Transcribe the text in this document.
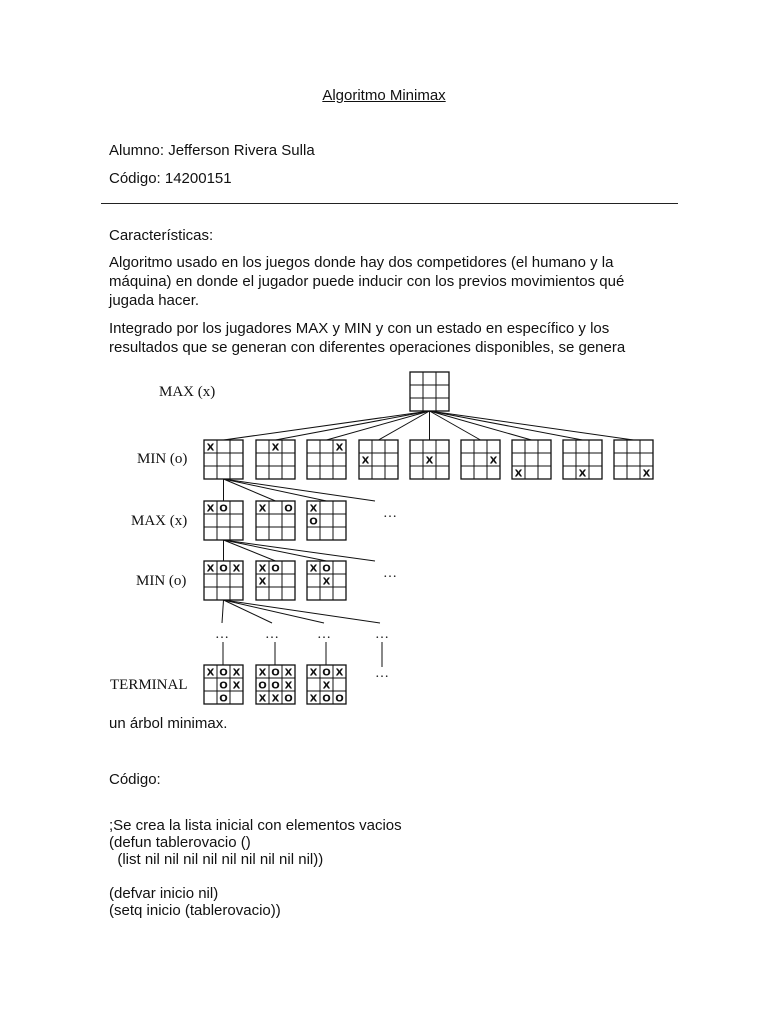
Algoritmo Minimax

Alumno: Jefferson Rivera Sulla

Código: 14200151

Características:

Algoritmo usado en los juegos donde hay dos competidores (el humano y la
máquina) en donde el jugador puede inducir con los previos movimientos qué
jugada hacer.
Integrado por los jugadores MAX y MIN y con un estado en específico y los
resultados que se generan con diferentes operaciones disponibles, se genera
MAX (x)
MIN (o)
MAX (x)
MIN (o)
TERMINAL
X	X	X
X	X	X
X	X	X
…
X O	X O X
O
…
X O X X O
X
X O
X
…	…	…	…
…
X O X
O X
O
X O X
O O X
X X O
X O X
X
X O O

un árbol minimax.

Código:

;Se crea la lista inicial con elementos vacios
(defun tablerovacio ()
(list nil nil nil nil nil nil nil nil nil))
(defvar inicio nil)
(setq inicio (tablerovacio))
